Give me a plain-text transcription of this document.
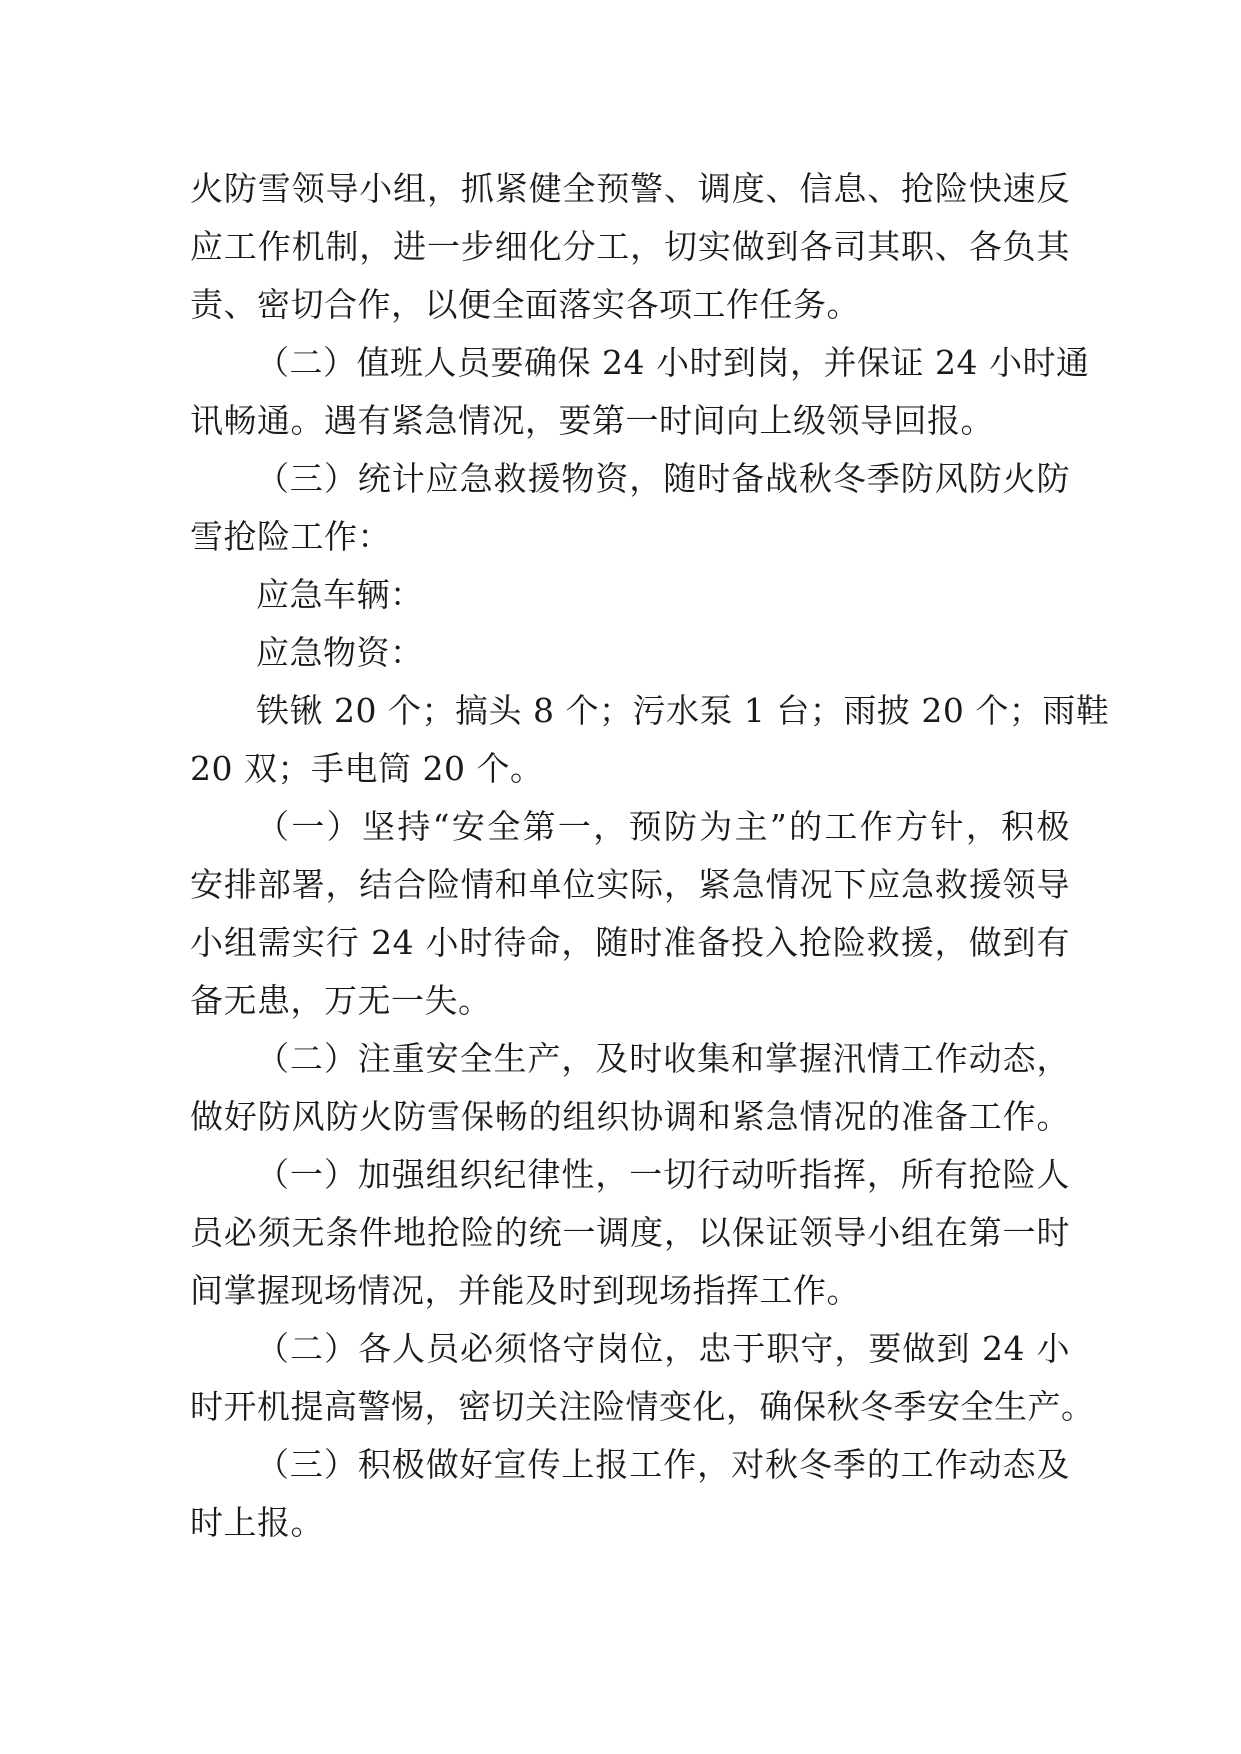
火防雪领导小组，抓紧健全预警、调度、信息、抢险快速反
应工作机制，进一步细化分工，切实做到各司其职、各负其
责、密切合作，以便全面落实各项工作任务。
（二）值班人员要确保 24 小时到岗，并保证 24 小时通
讯畅通。遇有紧急情况，要第一时间向上级领导回报。
（三）统计应急救援物资，随时备战秋冬季防风防火防
雪抢险工作：
应急车辆：
应急物资：
铁锹 20 个；搞头 8 个；污水泵 1 台；雨披 20 个；雨鞋
20 双；手电筒 20 个。
（一）坚持“安全第一，预防为主”的工作方针，积极
安排部署，结合险情和单位实际，紧急情况下应急救援领导
小组需实行 24 小时待命，随时准备投入抢险救援，做到有
备无患，万无一失。
（二）注重安全生产，及时收集和掌握汛情工作动态，
做好防风防火防雪保畅的组织协调和紧急情况的准备工作。
（一）加强组织纪律性，一切行动听指挥，所有抢险人
员必须无条件地抢险的统一调度，以保证领导小组在第一时
间掌握现场情况，并能及时到现场指挥工作。
（二）各人员必须恪守岗位，忠于职守，要做到 24 小
时开机提高警惕，密切关注险情变化，确保秋冬季安全生产。
（三）积极做好宣传上报工作，对秋冬季的工作动态及
时上报。
